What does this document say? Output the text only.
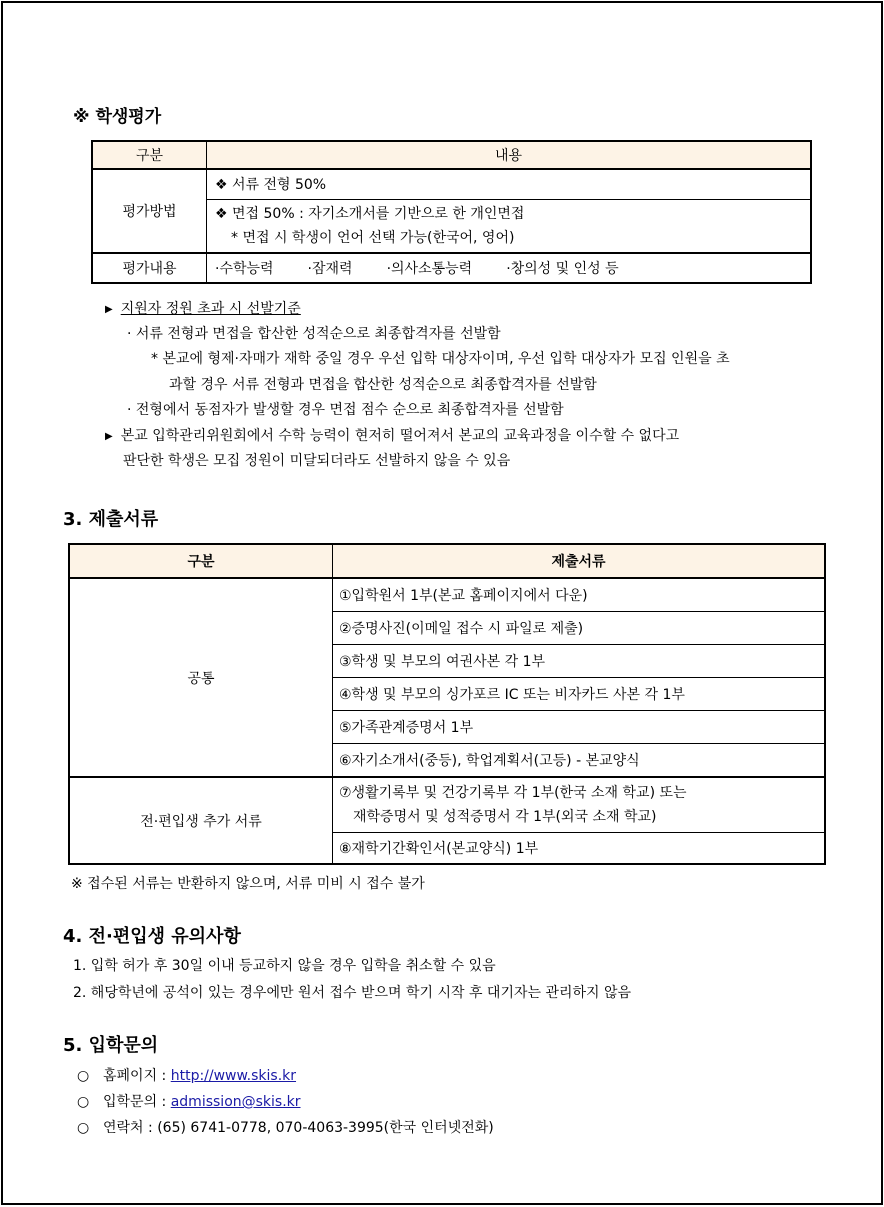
※ 학생평가
구분	내용
평가방법	❖ 서류 전형 50%

	❖ 면접 50% : 자기소개서를 기반으로 한 개인면접
* 면접 시 학생이 언어 선택 가능(한국어, 영어)

평가내용	·수학능력 ·잠재력 ·의사소통능력 ·창의성 및 인성 등
▶ 지원자 정원 초과 시 선발기준
· 서류 전형과 면접을 합산한 성적순으로 최종합격자를 선발함
* 본교에 형제·자매가 재학 중일 경우 우선 입학 대상자이며, 우선 입학 대상자가 모집 인원을 초
과할 경우 서류 전형과 면접을 합산한 성적순으로 최종합격자를 선발함
· 전형에서 동점자가 발생할 경우 면접 점수 순으로 최종합격자를 선발함
▶ 본교 입학관리위원회에서 수학 능력이 현저히 떨어져서 본교의 교육과정을 이수할 수 없다고
판단한 학생은 모집 정원이 미달되더라도 선발하지 않을 수 있음
3. 제출서류
구분	제출서류
공통	①입학원서 1부(본교 홈페이지에서 다운)
	②증명사진(이메일 접수 시 파일로 제출)
	③학생 및 부모의 여권사본 각 1부
	④학생 및 부모의 싱가포르 IC 또는 비자카드 사본 각 1부
	⑤가족관계증명서 1부
	⑥자기소개서(중등), 학업계획서(고등) - 본교양식
전·편입생 추가 서류	⑦생활기록부 및 건강기록부 각 1부(한국 소재 학교) 또는
재학증명서 및 성적증명서 각 1부(외국 소재 학교)

	⑧재학기간확인서(본교양식) 1부
※ 접수된 서류는 반환하지 않으며, 서류 미비 시 접수 불가
4. 전·편입생 유의사항
1. 입학 허가 후 30일 이내 등교하지 않을 경우 입학을 취소할 수 있음
2. 해당학년에 공석이 있는 경우에만 원서 접수 받으며 학기 시작 후 대기자는 관리하지 않음
5. 입학문의
○ 홈페이지 : http://www.skis.kr
○ 입학문의 : admission@skis.kr
○ 연락처 : (65) 6741-0778, 070-4063-3995(한국 인터넷전화)
